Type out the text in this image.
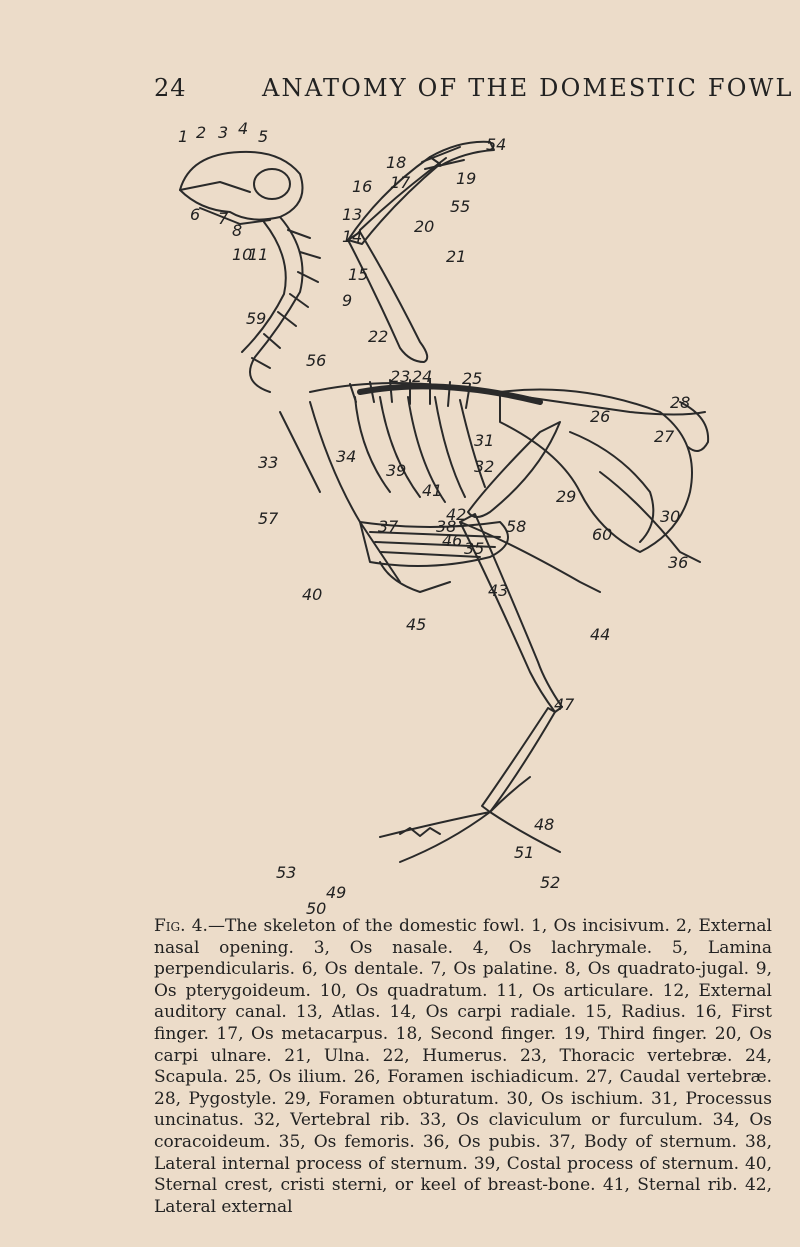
24	ANATOMY OF THE DOMESTIC FOWL
1 2 3 4 5
6 7
8
9
10
11
13
14
15
16 17
18
19
20
21
22
23 24 25
26
27
28
29
30
31
32
33	34
35
36
37 38
39
40
41
42
43
44
45
46
47
48
49
50
51
52
53
54
55
56
57	58
59
60

Fig. 4.—The skeleton of the domestic fowl. 1, Os incisivum. 2, External nasal opening. 3, Os nasale. 4, Os lachrymale. 5, Lamina perpendicularis. 6, Os dentale. 7, Os palatine. 8, Os quadrato-jugal. 9, Os pterygoideum. 10, Os quadratum. 11, Os articulare. 12, External auditory canal. 13, Atlas. 14, Os carpi radiale. 15, Radius. 16, First finger. 17, Os metacarpus. 18, Second finger. 19, Third finger. 20, Os carpi ulnare. 21, Ulna. 22, Humerus. 23, Thoracic vertebræ. 24, Scapula. 25, Os ilium. 26, Foramen ischiadicum. 27, Caudal vertebræ. 28, Pygostyle. 29, Foramen obturatum. 30, Os ischium. 31, Processus uncinatus. 32, Vertebral rib. 33, Os claviculum or furculum. 34, Os coracoideum. 35, Os femoris. 36, Os pubis. 37, Body of sternum. 38, Lateral internal process of sternum. 39, Costal process of sternum. 40, Sternal crest, cristi sterni, or keel of breast-bone. 41, Sternal rib. 42, Lateral external
